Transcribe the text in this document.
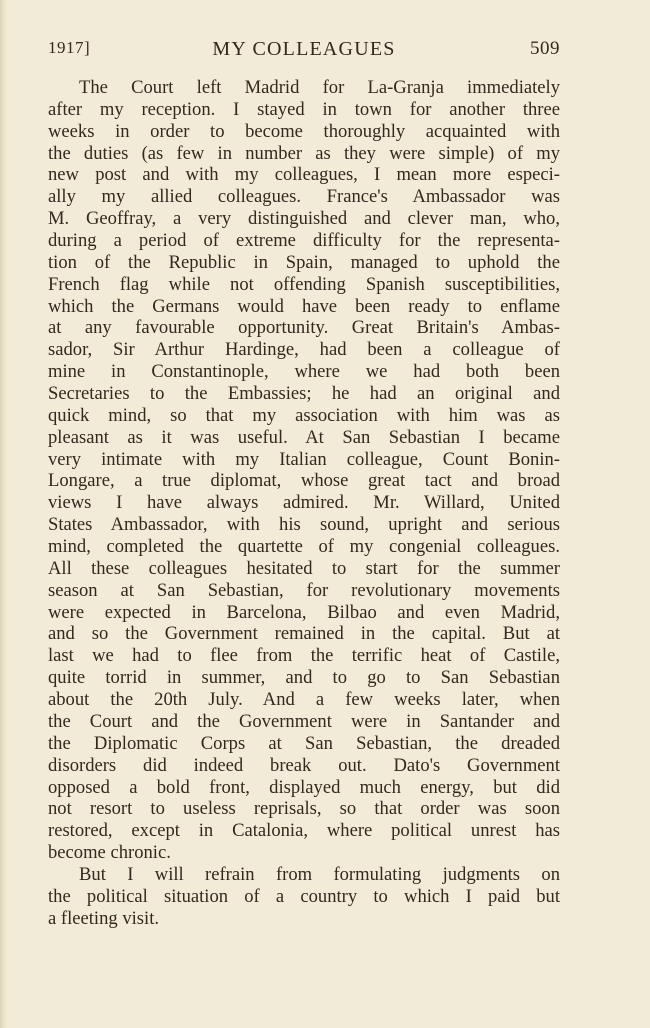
1917]	MY COLLEAGUES	509
The Court left Madrid for La-Granja immediately
after my reception. I stayed in town for another three
weeks in order to become thoroughly acquainted with
the duties (as few in number as they were simple) of my
new post and with my colleagues, I mean more especi-
ally my allied colleagues. France's Ambassador was
M. Geoffray, a very distinguished and clever man, who,
during a period of extreme difficulty for the representa-
tion of the Republic in Spain, managed to uphold the
French flag while not offending Spanish susceptibilities,
which the Germans would have been ready to enflame
at any favourable opportunity. Great Britain's Ambas-
sador, Sir Arthur Hardinge, had been a colleague of
mine in Constantinople, where we had both been
Secretaries to the Embassies; he had an original and
quick mind, so that my association with him was as
pleasant as it was useful. At San Sebastian I became
very intimate with my Italian colleague, Count Bonin-
Longare, a true diplomat, whose great tact and broad
views I have always admired. Mr. Willard, United
States Ambassador, with his sound, upright and serious
mind, completed the quartette of my congenial colleagues.
All these colleagues hesitated to start for the summer
season at San Sebastian, for revolutionary movements
were expected in Barcelona, Bilbao and even Madrid,
and so the Government remained in the capital. But at
last we had to flee from the terrific heat of Castile,
quite torrid in summer, and to go to San Sebastian
about the 20th July. And a few weeks later, when
the Court and the Government were in Santander and
the Diplomatic Corps at San Sebastian, the dreaded
disorders did indeed break out. Dato's Government
opposed a bold front, displayed much energy, but did
not resort to useless reprisals, so that order was soon
restored, except in Catalonia, where political unrest has
become chronic.
But I will refrain from formulating judgments on
the political situation of a country to which I paid but
a fleeting visit.
